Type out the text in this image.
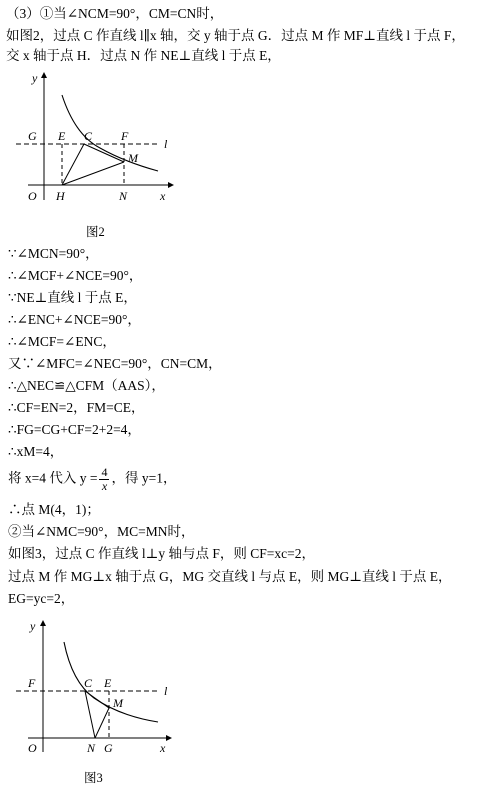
（3）①当∠NCM=90°，CM=CN时，
如图2，过点 C 作直线 l∥x 轴，交 y 轴于点 G．过点 M 作 MF⊥直线 l 于点 F，
交 x 轴于点 H．过点 N 作 NE⊥直线 l 于点 E，
y
x
O
G E C F
l
M
H	N
图2
∵∠MCN=90°，
∴∠MCF+∠NCE=90°，
∵NE⊥直线 l 于点 E，
∴∠ENC+∠NCE=90°，
∴∠MCF=∠ENC，
又∵∠MFC=∠NEC=90°，CN=CM，
∴△NEC≌△CFM（AAS），
∴CF=EN=2，FM=CE，
∴FG=CG+CF=2+2=4，
∴xM=4，
将 x=4 代入 $y = \frac{4}{x}$ ，得 y=1，
∴点 M(4，1)；
②当∠NMC=90°，MC=MN时，
如图3，过点 C 作直线 l⊥y 轴与点 F，则 CF=xc=2，
过点 M 作 MG⊥x 轴于点 G，MG 交直线 l 与点 E，则 MG⊥直线 l 于点 E，
EG=yc=2，
y
x
O
F	C E
l
M
N G
图3
